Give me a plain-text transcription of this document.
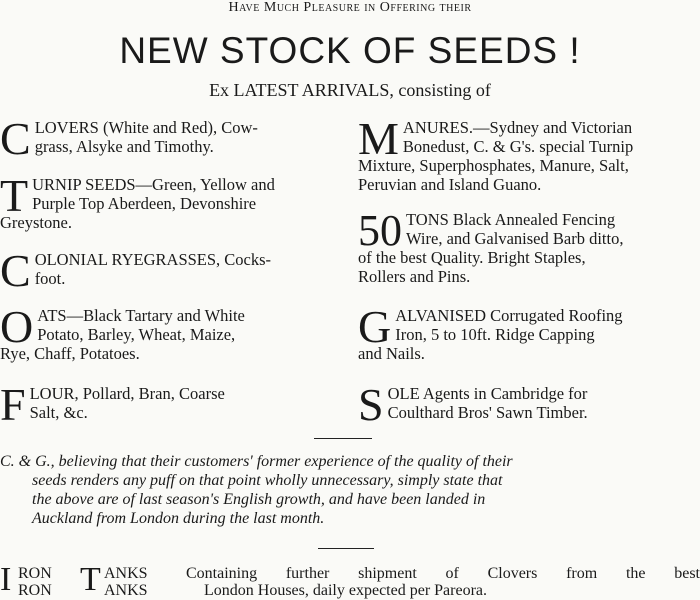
Have Much Pleasure in Offering their
NEW STOCK OF SEEDS !
Ex LATEST ARRIVALS, consisting of
C LOVERS (White and Red), Cow-

grass, Alsyke and Timothy.

T URNIP SEEDS—Green, Yellow and

Purple Top Aberdeen, Devonshire

Greystone.

C OLONIAL RYEGRASSES, Cocks-

foot.

O ATS—Black Tartary and White

Potato, Barley, Wheat, Maize,

Rye, Chaff, Potatoes.

F LOUR, Pollard, Bran, Coarse

Salt, &c.

M ANURES.—Sydney and Victorian

Bonedust, C. & G's. special Turnip

Mixture, Superphosphates, Manure, Salt,

Peruvian and Island Guano.

50 TONS Black Annealed Fencing

Wire, and Galvanised Barb ditto,

of the best Quality. Bright Staples,

Rollers and Pins.

G ALVANISED Corrugated Roofing

Iron, 5 to 10ft. Ridge Capping

and Nails.

S OLE Agents in Cambridge for

Coulthard Bros' Sawn Timber.

C. & G., believing that their customers' former experience of the quality of their

seeds renders any puff on that point wholly unnecessary, simply state that

the above are of last season's English growth, and have been landed in

Auckland from London during the last month.

I RON
RON T ANKS
ANKS
Containing further shipment of Clovers from the best
London Houses, daily expected per Pareora.
